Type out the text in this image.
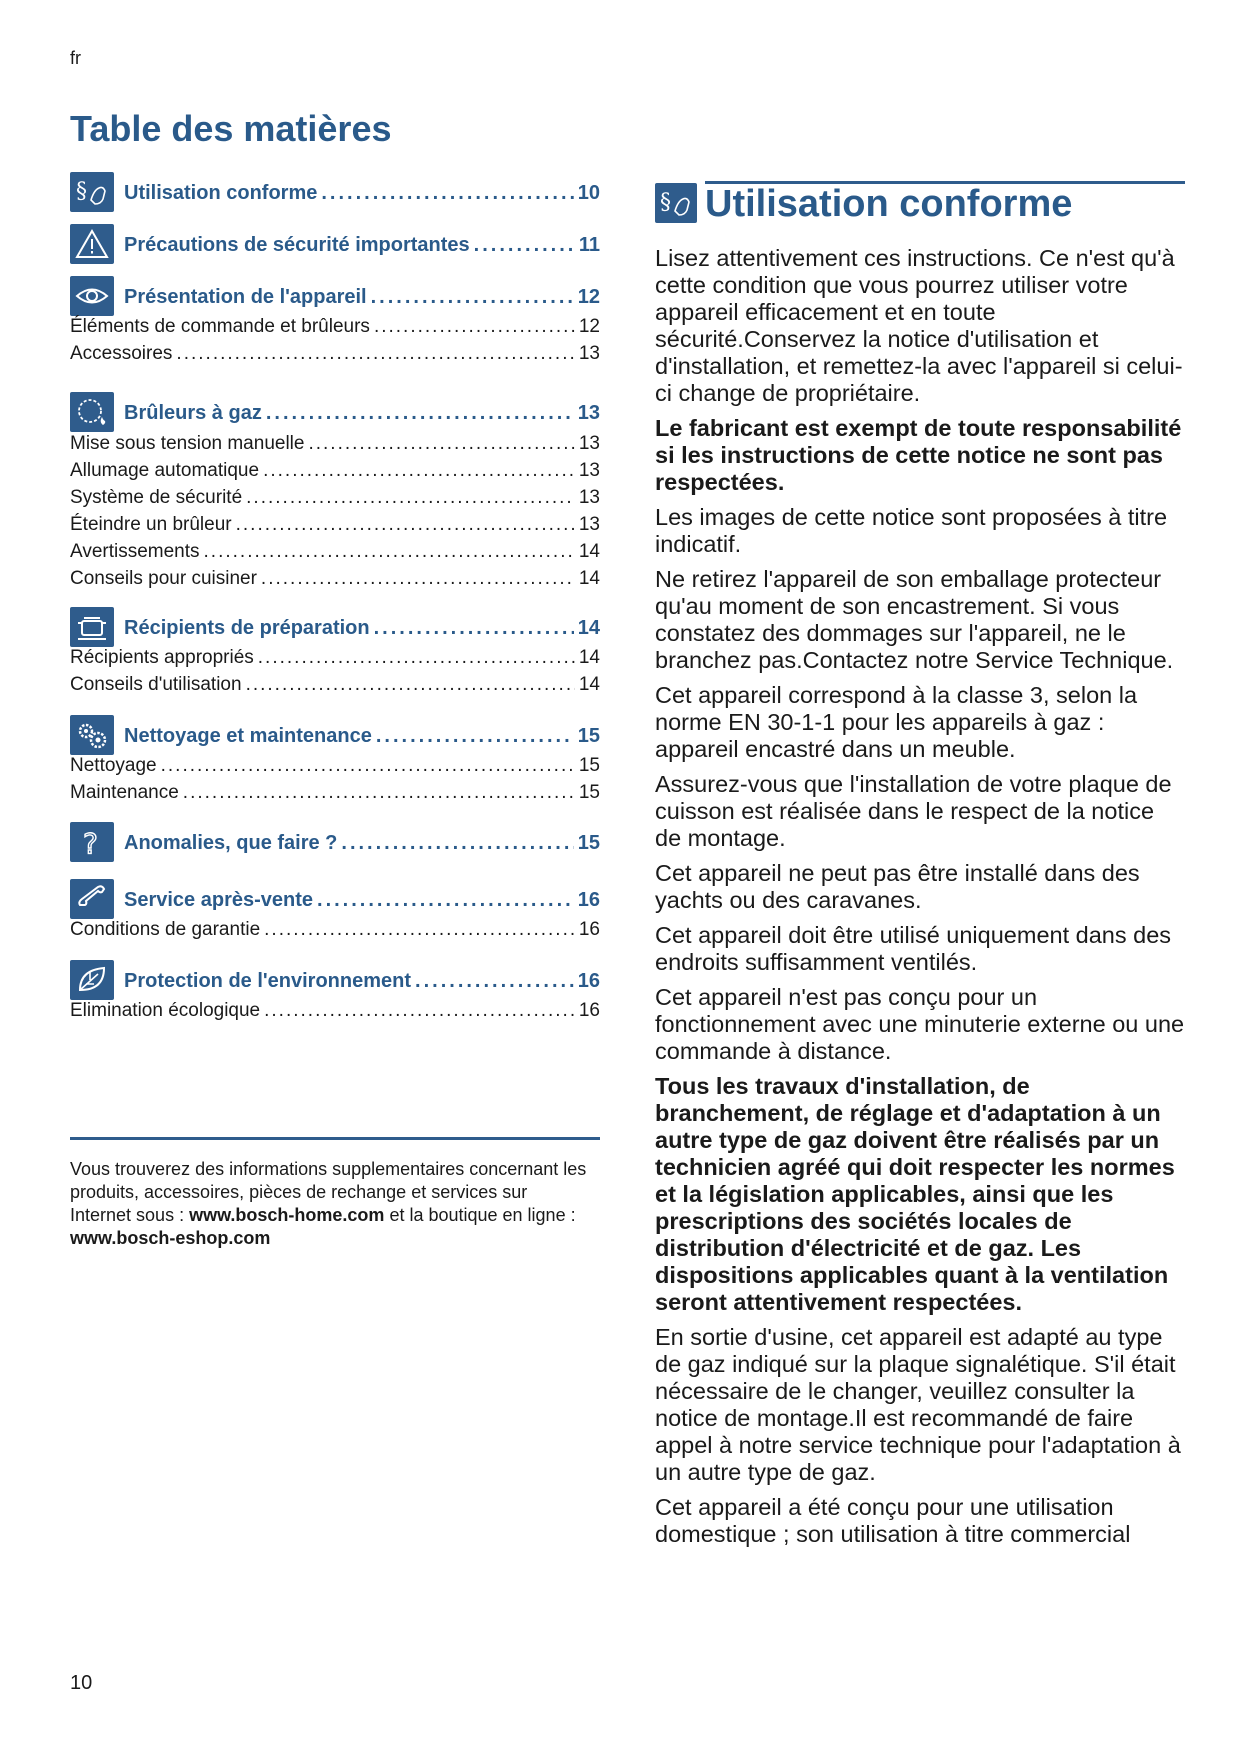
fr
Table des matières
§ Utilisation conforme .....	10
Précautions de sécurité importantes .....	11
Présentation de l'appareil .....	12
Éléments de commande et brûleurs .....	12
Accessoires .....	13
Brûleurs à gaz .....	13
Mise sous tension manuelle .....	13
Allumage automatique .....	13
Système de sécurité .....	13
Éteindre un brûleur .....	13
Avertissements .....	14
Conseils pour cuisiner .....	14
Récipients de préparation .....	14
Récipients appropriés .....	14
Conseils d'utilisation .....	14
Nettoyage et maintenance .....	15
Nettoyage .....	15
Maintenance .....	15
? Anomalies, que faire ? .....	15
Service après-vente .....	16
Conditions de garantie .....	16
Protection de l'environnement .....	16
Elimination écologique .....	16
Vous trouverez des informations supplementaires concernant les produits, accessoires, pièces de rechange et services sur Internet sous : www.bosch-home.com et la boutique en ligne : www.bosch-eshop.com
10
§ Utilisation conforme

Lisez attentivement ces instructions. Ce n'est qu'à cette condition que vous pourrez utiliser votre appareil efficacement et en toute sécurité.Conservez la notice d'utilisation et d'installation, et remettez-la avec l'appareil si celui-ci change de propriétaire.

Le fabricant est exempt de toute responsabilité si les instructions de cette notice ne sont pas respectées.

Les images de cette notice sont proposées à titre indicatif.

Ne retirez l'appareil de son emballage protecteur qu'au moment de son encastrement. Si vous constatez des dommages sur l'appareil, ne le branchez pas.Contactez notre Service Technique.

Cet appareil correspond à la classe 3, selon la norme EN 30-1-1 pour les appareils à gaz : appareil encastré dans un meuble.

Assurez-vous que l'installation de votre plaque de cuisson est réalisée dans le respect de la notice de montage.

Cet appareil ne peut pas être installé dans des yachts ou des caravanes.

Cet appareil doit être utilisé uniquement dans des endroits suffisamment ventilés.

Cet appareil n'est pas conçu pour un fonctionnement avec une minuterie externe ou une commande à distance.

Tous les travaux d'installation, de branchement, de réglage et d'adaptation à un autre type de gaz doivent être réalisés par un technicien agréé qui doit respecter les normes et la législation applicables, ainsi que les prescriptions des sociétés locales de distribution d'électricité et de gaz. Les dispositions applicables quant à la ventilation seront attentivement respectées.

En sortie d'usine, cet appareil est adapté au type de gaz indiqué sur la plaque signalétique. S'il était nécessaire de le changer, veuillez consulter la notice de montage.Il est recommandé de faire appel à notre service technique pour l'adaptation à un autre type de gaz.

Cet appareil a été conçu pour une utilisation domestique ; son utilisation à titre commercial
